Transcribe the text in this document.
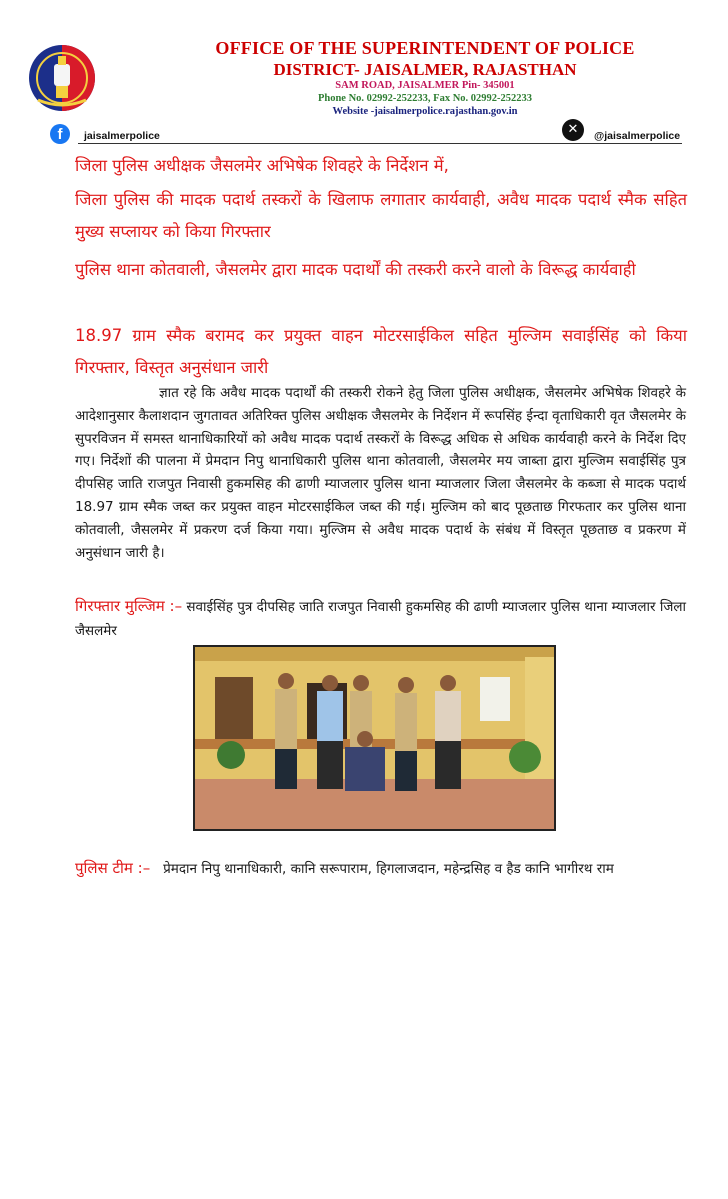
OFFICE OF THE SUPERINTENDENT OF POLICE
DISTRICT- JAISALMER, RAJASTHAN
SAM ROAD, JAISALMER Pin- 345001
Phone No. 02992-252233, Fax No. 02992-252233
Website -jaisalmerpolice.rajasthan.gov.in
f	jaisalmerpolice	✕	@jaisalmerpolice
जिला पुलिस अधीक्षक जैसलमेर अभिषेक शिवहरे के निर्देशन में,
जिला पुलिस की मादक पदार्थ तस्करों के खिलाफ लगातार कार्यवाही, अवैध मादक पदार्थ स्मैक सहित मुख्य सप्लायर को किया गिरफ्तार
पुलिस थाना कोतवाली, जैसलमेर द्वारा मादक पदार्थों की तस्करी करने वालो के विरूद्ध कार्यवाही
18.97 ग्राम स्मैक बरामद कर प्रयुक्त वाहन मोटरसाईकिल सहित मुल्जिम सवाईसिंह को किया गिरफ्तार, विस्तृत अनुसंधान जारी
ज्ञात रहे कि अवैध मादक पदार्थों की तस्करी रोकने हेतु जिला पुलिस अधीक्षक, जैसलमेर अभिषेक शिवहरे के आदेशानुसार कैलाशदान जुगतावत अतिरिक्त पुलिस अधीक्षक जैसलमेर के निर्देशन में रूपसिंह ईन्दा वृताधिकारी वृत जैसलमेर के सुपरविजन में समस्त थानाधिकारियों को अवैध मादक पदार्थ तस्करों के विरूद्ध अधिक से अधिक कार्यवाही करने के निर्देश दिए गए। निर्देशों की पालना में प्रेमदान निपु थानाधिकारी पुलिस थाना कोतवाली, जैसलमेर मय जाब्ता द्वारा मुल्जिम सवाईसिंह पुत्र दीपसिह जाति राजपुत निवासी हुकमसिह की ढाणी म्याजलार पुलिस थाना म्याजलार जिला जैसलमेर के कब्जा से मादक पदार्थ 18.97 ग्राम स्मैक जब्त कर प्रयुक्त वाहन मोटरसाईकिल जब्त की गई। मुल्जिम को बाद पूछताछ गिरफतार कर पुलिस थाना कोतवाली, जैसलमेर में प्रकरण दर्ज किया गया। मुल्जिम से अवैध मादक पदार्थ के संबंध में विस्तृत पूछताछ व प्रकरण में अनुसंधान जारी है।
गिरफ्तार मुल्जिम :– सवाईसिंह पुत्र दीपसिह जाति राजपुत निवासी हुकमसिह की ढाणी म्याजलार पुलिस थाना म्याजलार जिला जैसलमेर
पुलिस टीम :– प्रेमदान निपु थानाधिकारी, कानि सरूपाराम, हिगलाजदान, महेन्द्रसिह व हैड कानि भागीरथ राम
